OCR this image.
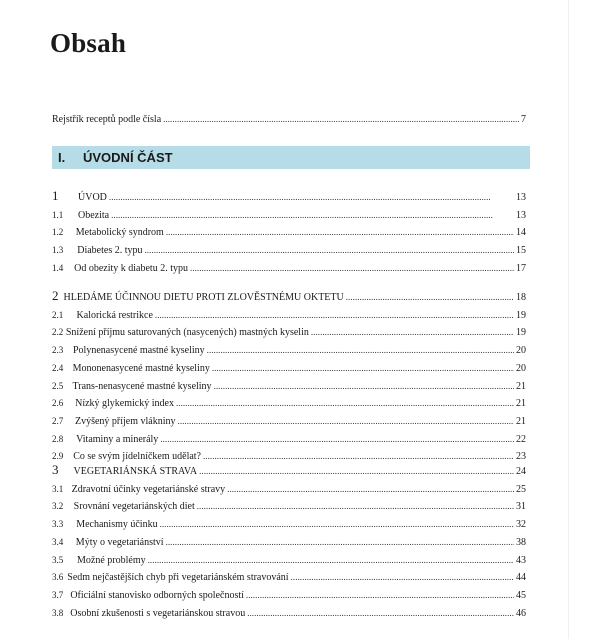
Obsah
Rejstřík receptů podle čísla . . .	7
I. ÚVODNÍ ČÁST
1	ÚVOD . . .	13
1.1	Obezita . . .	13
1.2	Metabolický syndrom . . .	14
1.3	Diabetes 2. typu . . .	15
1.4	Od obezity k diabetu 2. typu . . .	17
2 HLEDÁME ÚČINNOU DIETU PROTI ZLOVĚSTNÉMU OKTETU . . .	18
2.1	Kalorická restrikce . . .	19
2.2 Snížení příjmu saturovaných (nasycených) mastných kyselin . . .	19
2.3 Polynenasycené mastné kyseliny . . .	20
2.4 Mononenasycené mastné kyseliny . . .	20
2.5 Trans-nenasycené mastné kyseliny . . .	21
2.6	Nízký glykemický index . . .	21
2.7	Zvýšený příjem vlákniny . . .	21
2.8	Vitaminy a minerály . . .	22
2.9	Co se svým jídelníčkem udělat? . . .	23
3	VEGETARIÁNSKÁ STRAVA . . .	24
3.1 Zdravotní účinky vegetariánské stravy . . .	25
3.2	Srovnání vegetariánských diet . . .	31
3.3	Mechanismy účinku . . .	32
3.4	Mýty o vegetariánství . . .	38
3.5	Možné problémy . . .	43
3.6 Sedm nejčastějších chyb při vegetariánském stravování . . .	44
3.7 Oficiální stanovisko odborných společností . . .	45
3.8 Osobní zkušenosti s vegetariánskou stravou . . .	46
